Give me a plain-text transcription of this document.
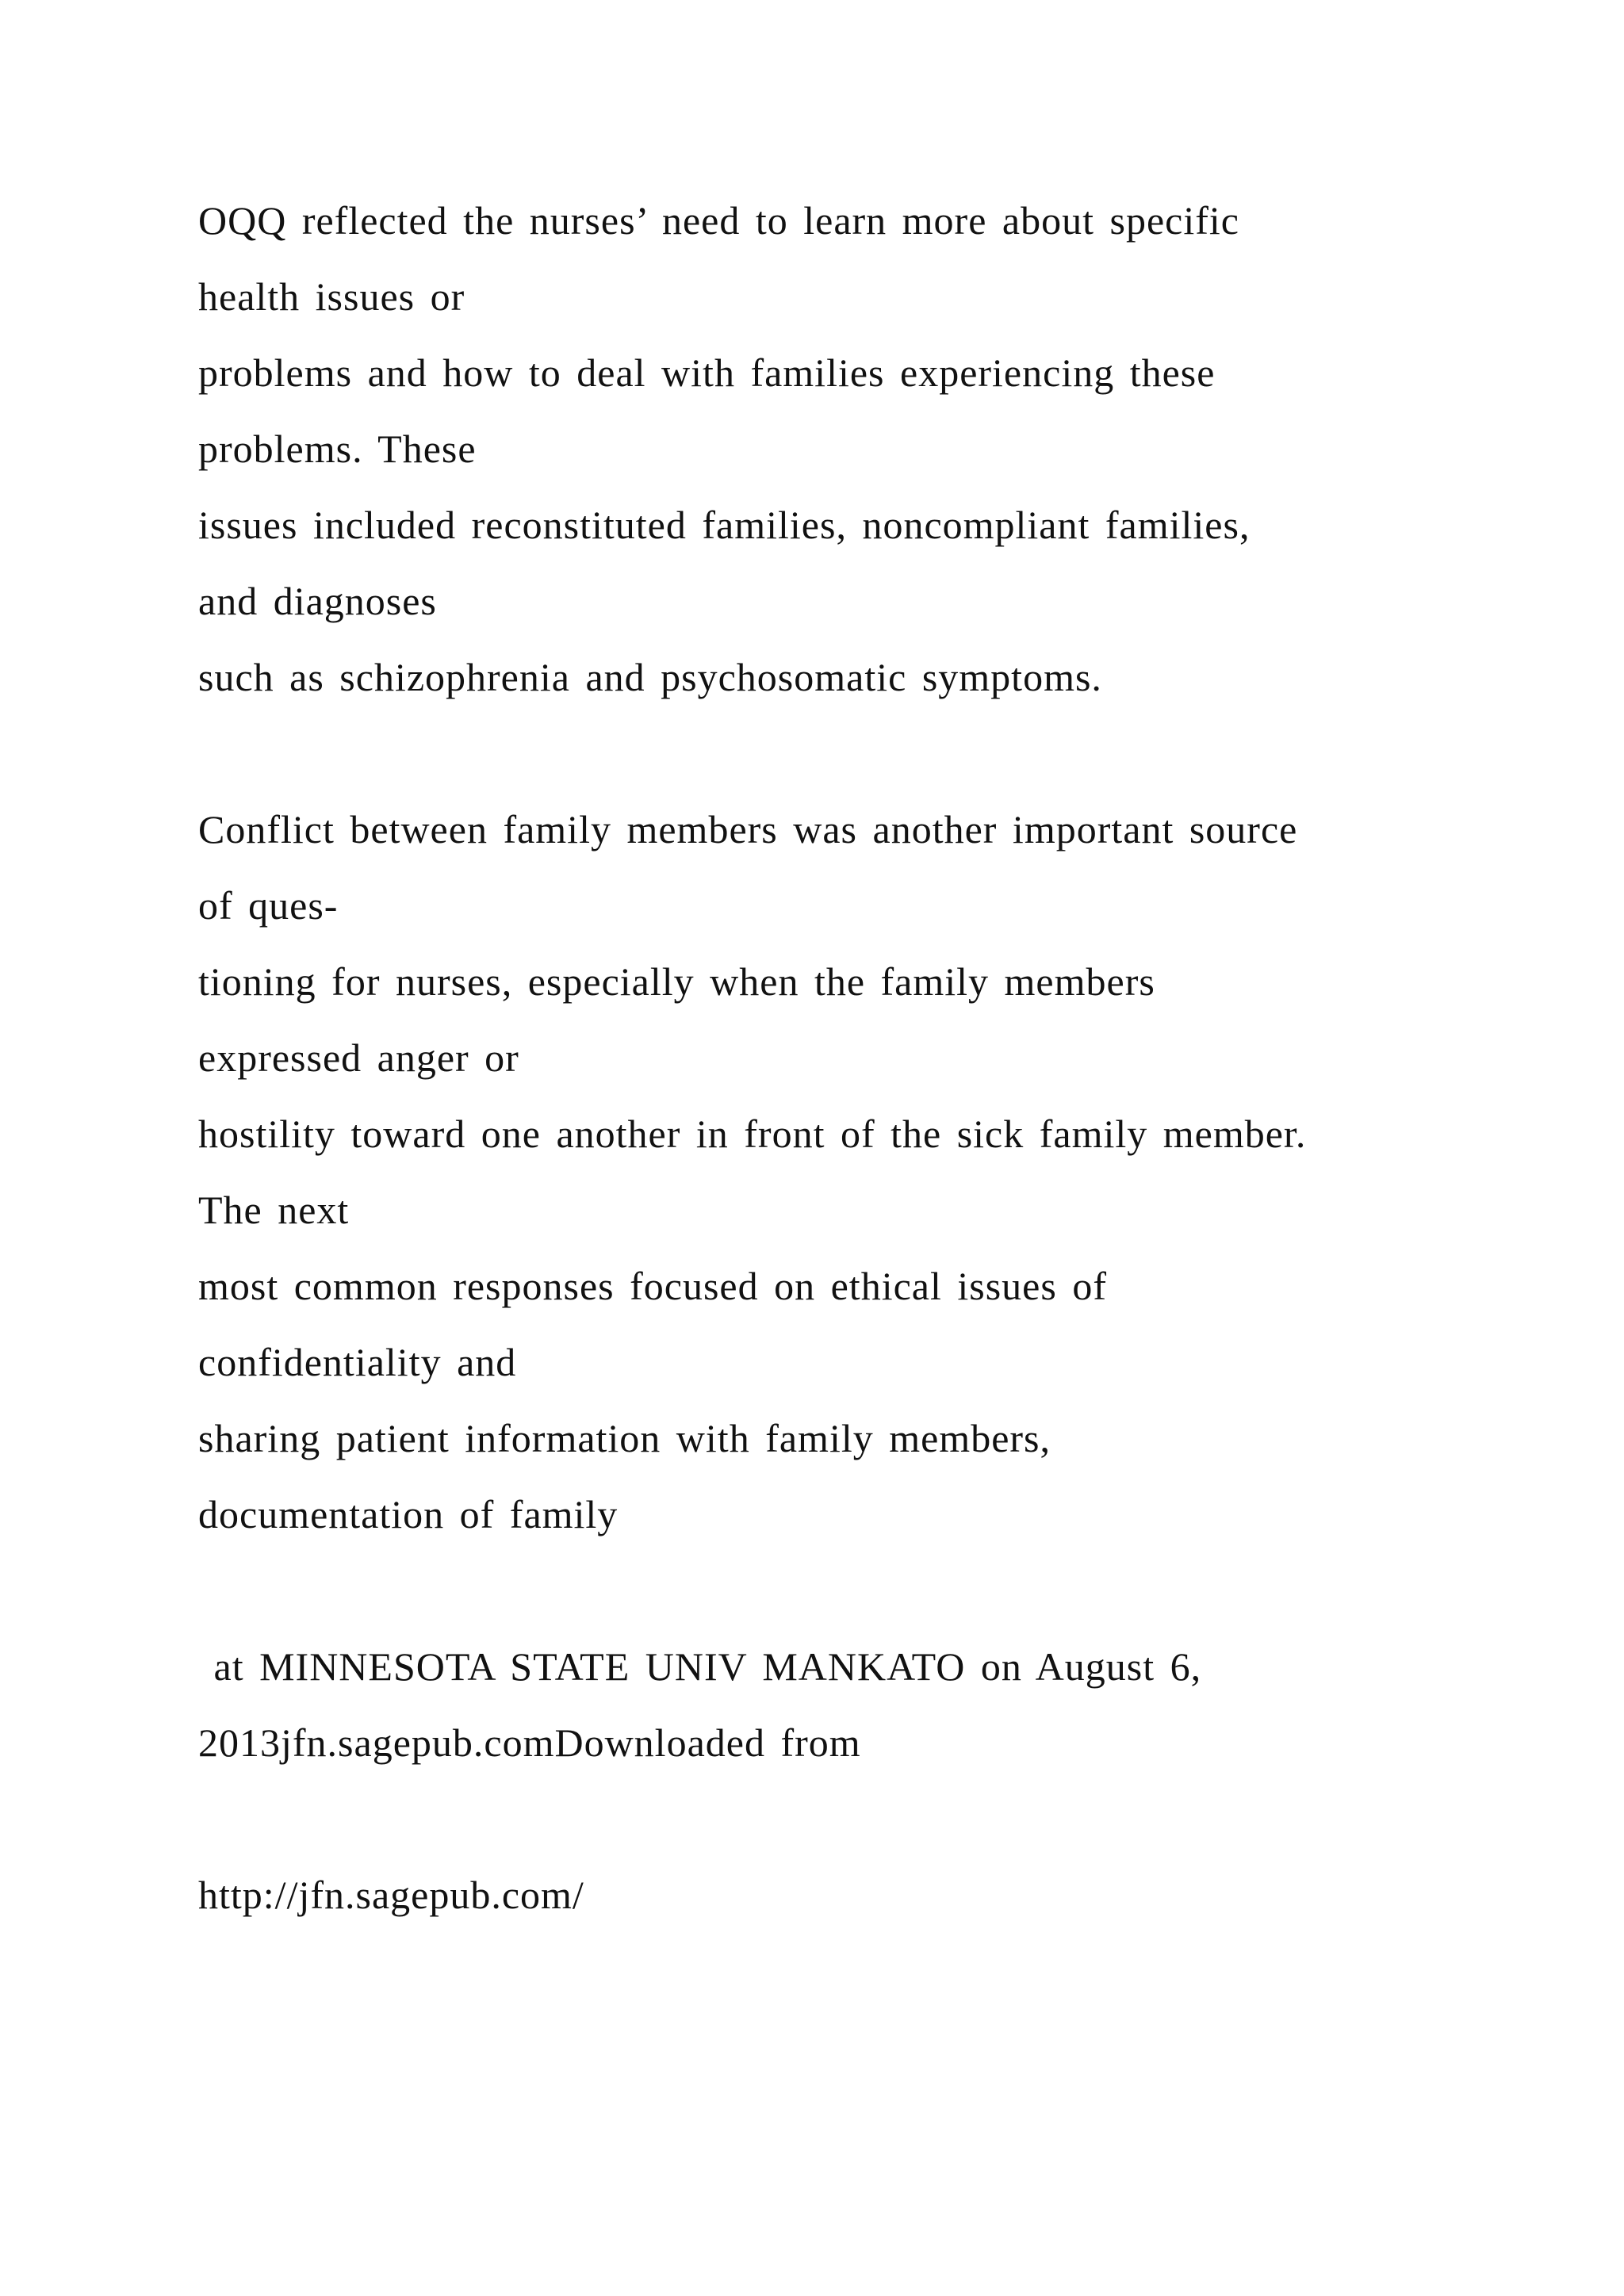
OQQ reflected the nurses’ need to learn more about specific
health issues or
problems and how to deal with families experiencing these
problems. These
issues included reconstituted families, noncompliant families,
and diagnoses
such as schizophrenia and psychosomatic symptoms.
Conflict between family members was another important source
of ques-
tioning for nurses, especially when the family members
expressed anger or
hostility toward one another in front of the sick family member.
The next
most common responses focused on ethical issues of
confidentiality and
sharing patient information with family members,
documentation of family
at MINNESOTA STATE UNIV MANKATO on August 6,
2013jfn.sagepub.comDownloaded from
http://jfn.sagepub.com/
